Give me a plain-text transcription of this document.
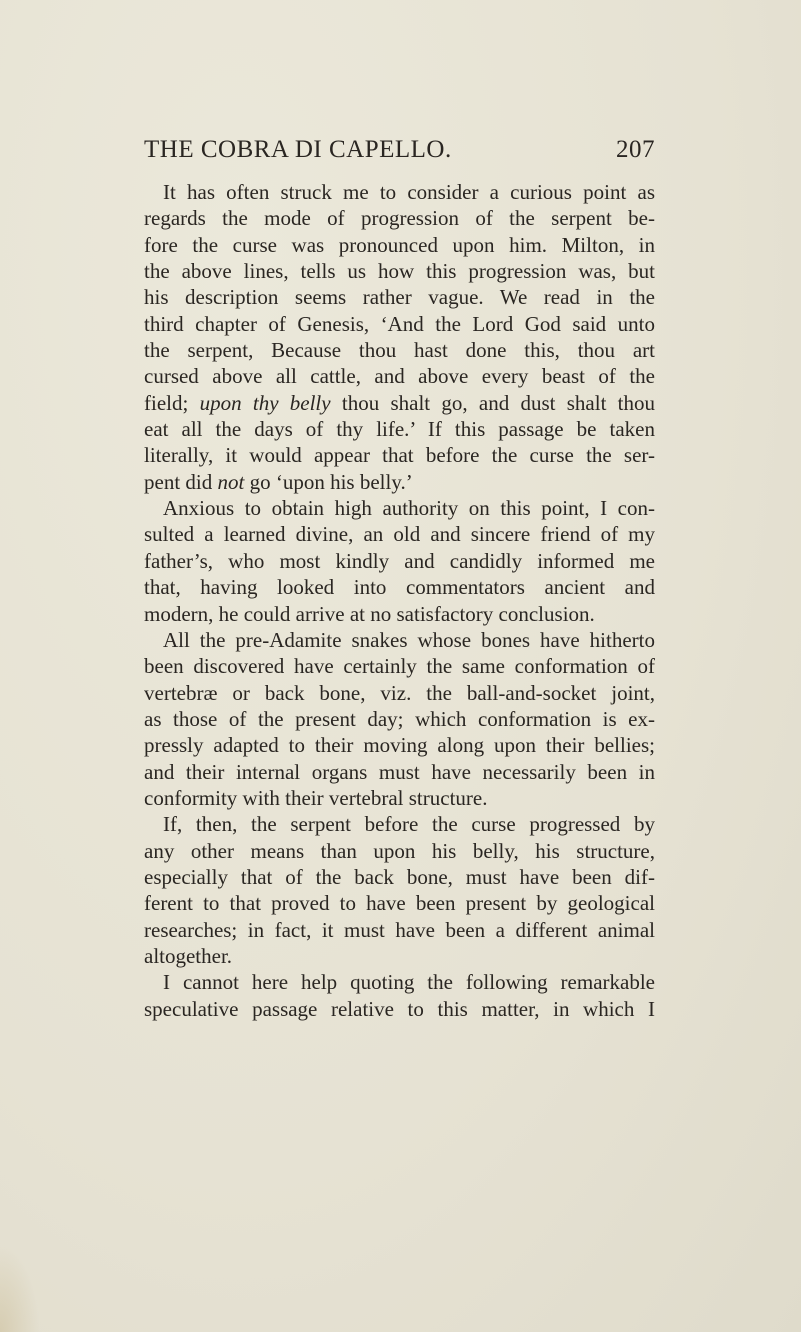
THE COBRA DI CAPELLO.	207
It has often struck me to consider a curious point as
regards the mode of progression of the serpent be-
fore the curse was pronounced upon him. Milton, in
the above lines, tells us how this progression was, but
his description seems rather vague. We read in the
third chapter of Genesis, ‘And the Lord God said unto
the serpent, Because thou hast done this, thou art
cursed above all cattle, and above every beast of the
field; upon thy belly thou shalt go, and dust shalt thou
eat all the days of thy life.’ If this passage be taken
literally, it would appear that before the curse the ser-
pent did not go ‘upon his belly.’
Anxious to obtain high authority on this point, I con-
sulted a learned divine, an old and sincere friend of my
father’s, who most kindly and candidly informed me
that, having looked into commentators ancient and
modern, he could arrive at no satisfactory conclusion.
All the pre-Adamite snakes whose bones have hitherto
been discovered have certainly the same conformation of
vertebræ or back bone, viz. the ball-and-socket joint,
as those of the present day; which conformation is ex-
pressly adapted to their moving along upon their bellies;
and their internal organs must have necessarily been in
conformity with their vertebral structure.
If, then, the serpent before the curse progressed by
any other means than upon his belly, his structure,
especially that of the back bone, must have been dif-
ferent to that proved to have been present by geological
researches; in fact, it must have been a different animal
altogether.
I cannot here help quoting the following remarkable
speculative passage relative to this matter, in which I
